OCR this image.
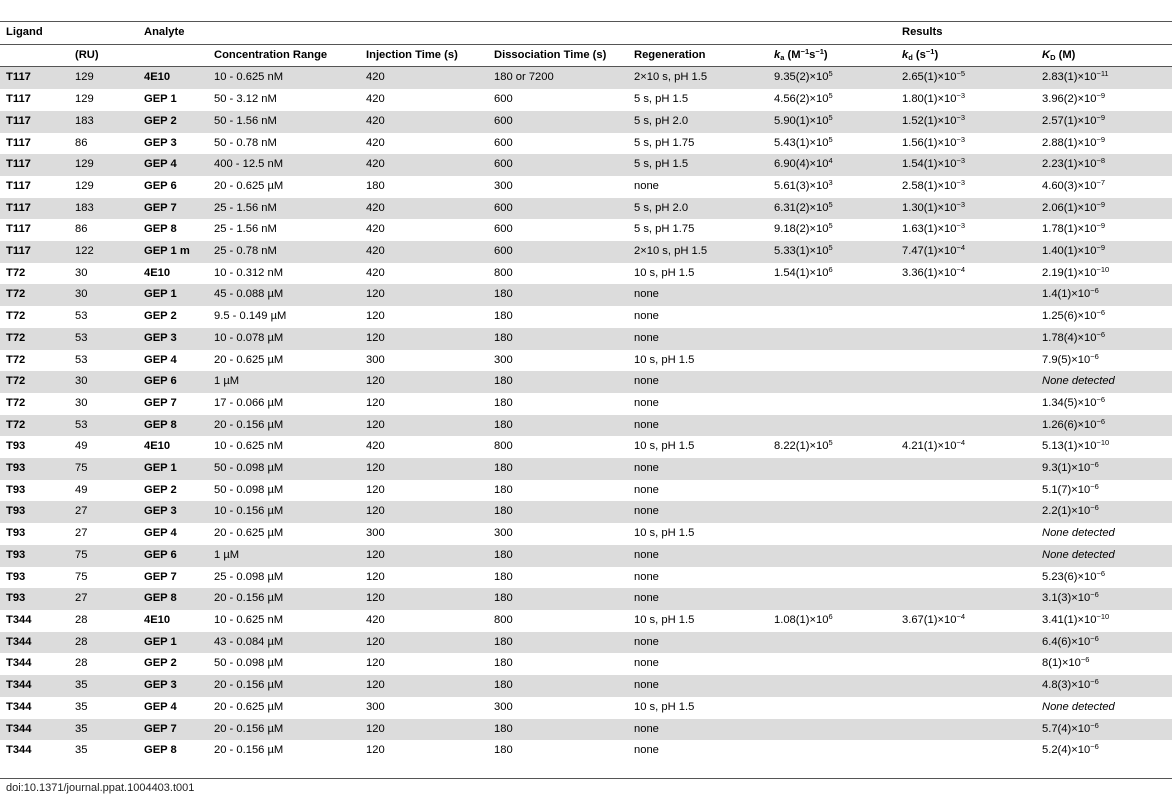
Ligand		Analyte						Results	
	(RU)		Concentration Range	Injection Time (s)	Dissociation Time (s)	Regeneration	$k_a$ $(M^{-1}s^{-1})$	$k_d$ $(s^{-1})$	$K_D$ (M)
T117	129	4E10	10 - 0.625 nM	420	180 or 7200	2×10 s, pH 1.5	$9.35(2)\times 10^5$	$2.65(1)\times 10^{-5}$	$2.83(1)\times 10^{-11}$
T117	129	GEP 1	50 - 3.12 nM	420	600	5 s, pH 1.5	$4.56(2)\times 10^5$	$1.80(1)\times 10^{-3}$	$3.96(2)\times 10^{-9}$
T117	183	GEP 2	50 - 1.56 nM	420	600	5 s, pH 2.0	$5.90(1)\times 10^5$	$1.52(1)\times 10^{-3}$	$2.57(1)\times 10^{-9}$
T117	86	GEP 3	50 - 0.78 nM	420	600	5 s, pH 1.75	$5.43(1)\times 10^5$	$1.56(1)\times 10^{-3}$	$2.88(1)\times 10^{-9}$
T117	129	GEP 4	400 - 12.5 nM	420	600	5 s, pH 1.5	$6.90(4)\times 10^4$	$1.54(1)\times 10^{-3}$	$2.23(1)\times 10^{-8}$
T117	129	GEP 6	20 - 0.625 µM	180	300	none	$5.61(3)\times 10^3$	$2.58(1)\times 10^{-3}$	$4.60(3)\times 10^{-7}$
T117	183	GEP 7	25 - 1.56 nM	420	600	5 s, pH 2.0	$6.31(2)\times 10^5$	$1.30(1)\times 10^{-3}$	$2.06(1)\times 10^{-9}$
T117	86	GEP 8	25 - 1.56 nM	420	600	5 s, pH 1.75	$9.18(2)\times 10^5$	$1.63(1)\times 10^{-3}$	$1.78(1)\times 10^{-9}$
T117	122	GEP 1 m	25 - 0.78 nM	420	600	2×10 s, pH 1.5	$5.33(1)\times 10^5$	$7.47(1)\times 10^{-4}$	$1.40(1)\times 10^{-9}$
T72	30	4E10	10 - 0.312 nM	420	800	10 s, pH 1.5	$1.54(1)\times 10^6$	$3.36(1)\times 10^{-4}$	$2.19(1)\times 10^{-10}$
T72	30	GEP 1	45 - 0.088 µM	120	180	none			$1.4(1)\times 10^{-6}$
T72	53	GEP 2	9.5 - 0.149 µM	120	180	none			$1.25(6)\times 10^{-6}$
T72	53	GEP 3	10 - 0.078 µM	120	180	none			$1.78(4)\times 10^{-6}$
T72	53	GEP 4	20 - 0.625 µM	300	300	10 s, pH 1.5			$7.9(5)\times 10^{-6}$
T72	30	GEP 6	1 µM	120	180	none			None detected
T72	30	GEP 7	17 - 0.066 µM	120	180	none			$1.34(5)\times 10^{-6}$
T72	53	GEP 8	20 - 0.156 µM	120	180	none			$1.26(6)\times 10^{-6}$
T93	49	4E10	10 - 0.625 nM	420	800	10 s, pH 1.5	$8.22(1)\times 10^5$	$4.21(1)\times 10^{-4}$	$5.13(1)\times 10^{-10}$
T93	75	GEP 1	50 - 0.098 µM	120	180	none			$9.3(1)\times 10^{-6}$
T93	49	GEP 2	50 - 0.098 µM	120	180	none			$5.1(7)\times 10^{-6}$
T93	27	GEP 3	10 - 0.156 µM	120	180	none			$2.2(1)\times 10^{-6}$
T93	27	GEP 4	20 - 0.625 µM	300	300	10 s, pH 1.5			None detected
T93	75	GEP 6	1 µM	120	180	none			None detected
T93	75	GEP 7	25 - 0.098 µM	120	180	none			$5.23(6)\times 10^{-6}$
T93	27	GEP 8	20 - 0.156 µM	120	180	none			$3.1(3)\times 10^{-6}$
T344	28	4E10	10 - 0.625 nM	420	800	10 s, pH 1.5	$1.08(1)\times 10^6$	$3.67(1)\times 10^{-4}$	$3.41(1)\times 10^{-10}$
T344	28	GEP 1	43 - 0.084 µM	120	180	none			$6.4(6)\times 10^{-6}$
T344	28	GEP 2	50 - 0.098 µM	120	180	none			$8(1)\times 10^{-6}$
T344	35	GEP 3	20 - 0.156 µM	120	180	none			$4.8(3)\times 10^{-6}$
T344	35	GEP 4	20 - 0.625 µM	300	300	10 s, pH 1.5			None detected
T344	35	GEP 7	20 - 0.156 µM	120	180	none			$5.7(4)\times 10^{-6}$
T344	35	GEP 8	20 - 0.156 µM	120	180	none			$5.2(4)\times 10^{-6}$
doi:10.1371/journal.ppat.1004403.t001
